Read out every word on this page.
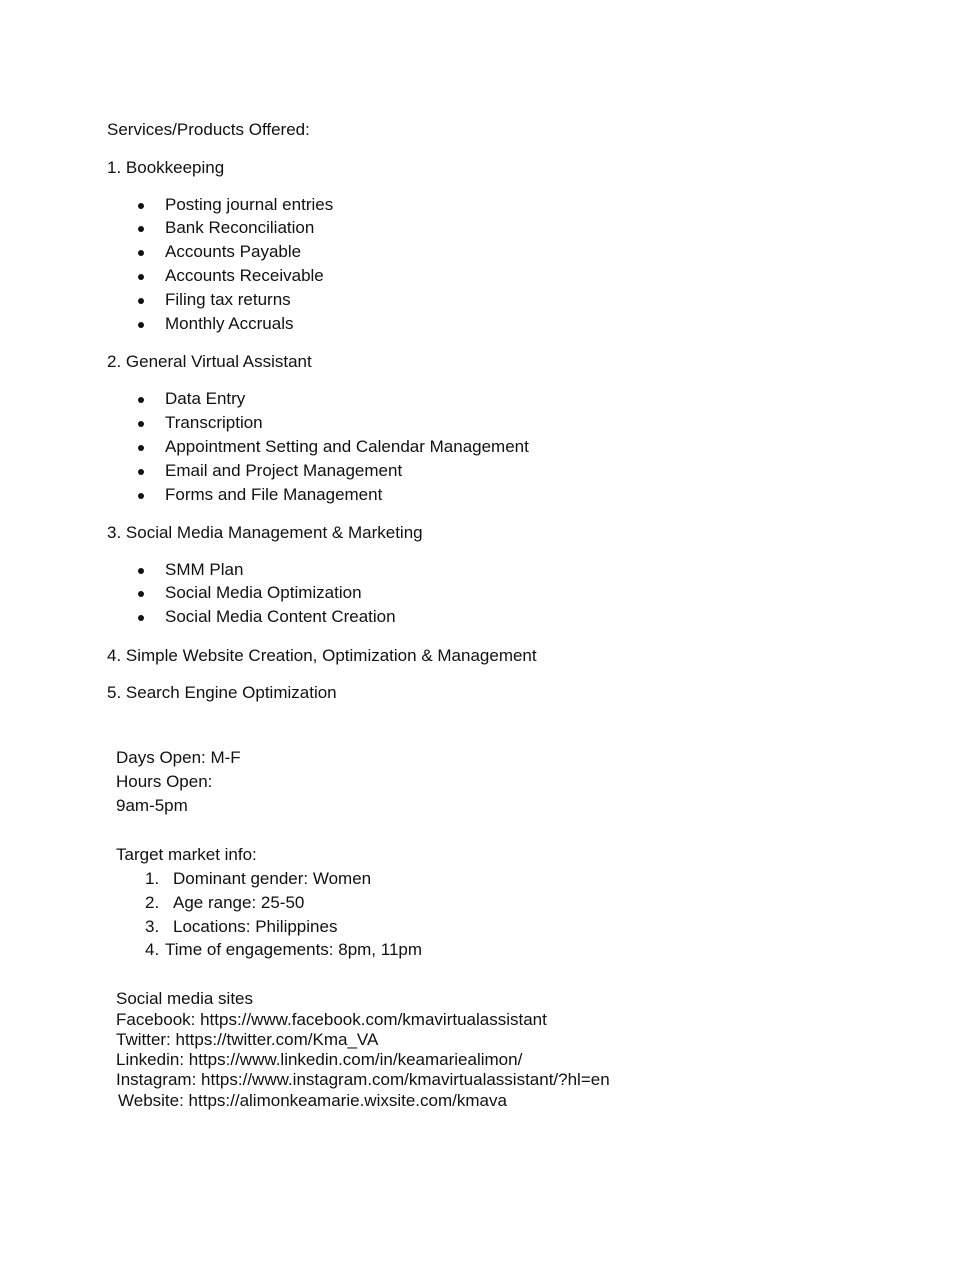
Services/Products Offered:
1. Bookkeeping
Posting journal entries
Bank Reconciliation
Accounts Payable
Accounts Receivable
Filing tax returns
Monthly Accruals
2. General Virtual Assistant
Data Entry
Transcription
Appointment Setting and Calendar Management
Email and Project Management
Forms and File Management
3. Social Media Management & Marketing
SMM Plan
Social Media Optimization
Social Media Content Creation
4. Simple Website Creation, Optimization & Management
5. Search Engine Optimization
Days Open: M-F
Hours Open:
9am-5pm
Target market info:
1. Dominant gender: Women
2. Age range: 25-50
3. Locations: Philippines
4. Time of engagements: 8pm, 11pm
Social media sites
Facebook: https://www.facebook.com/kmavirtualassistant
Twitter: https://twitter.com/Kma_VA
Linkedin: https://www.linkedin.com/in/keamariealimon/
Instagram: https://www.instagram.com/kmavirtualassistant/?hl=en
Website: https://alimonkeamarie.wixsite.com/kmava
